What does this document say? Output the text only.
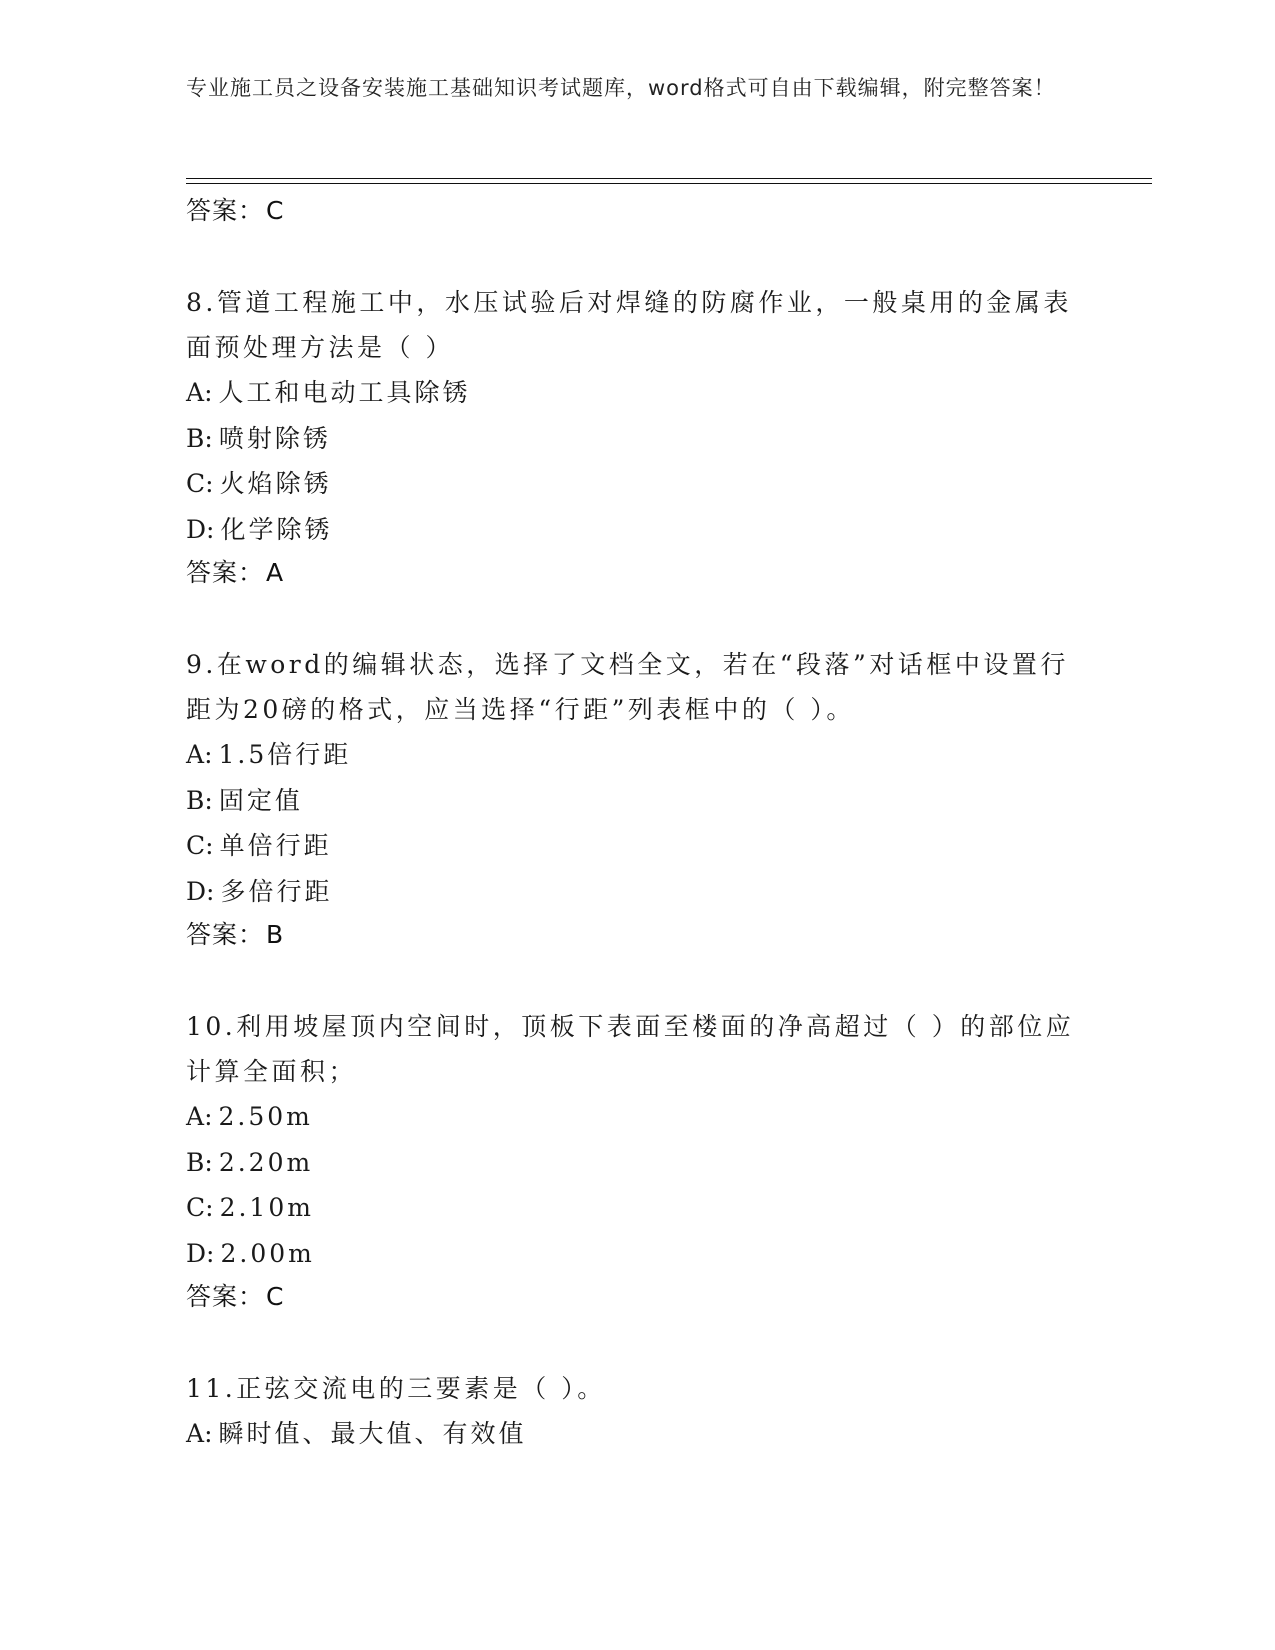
专业施工员之设备安装施工基础知识考试题库，word格式可自由下载编辑，附完整答案！
答案：C
8.管道工程施工中，水压试验后对焊缝的防腐作业，一般桌用的金属表面预处理方法是（ ）
A: 人工和电动工具除锈
B: 喷射除锈
C: 火焰除锈
D: 化学除锈
答案：A
9.在word的编辑状态，选择了文档全文，若在“段落”对话框中设置行距为20磅的格式，应当选择“行距”列表框中的（ ）。
A: 1.5倍行距
B: 固定值
C: 单倍行距
D: 多倍行距
答案：B
10.利用坡屋顶内空间时，顶板下表面至楼面的净高超过（ ）的部位应计算全面积；
A: 2.50m
B: 2.20m
C: 2.10m
D: 2.00m
答案：C
11.正弦交流电的三要素是（ ）。
A: 瞬时值、最大值、有效值
